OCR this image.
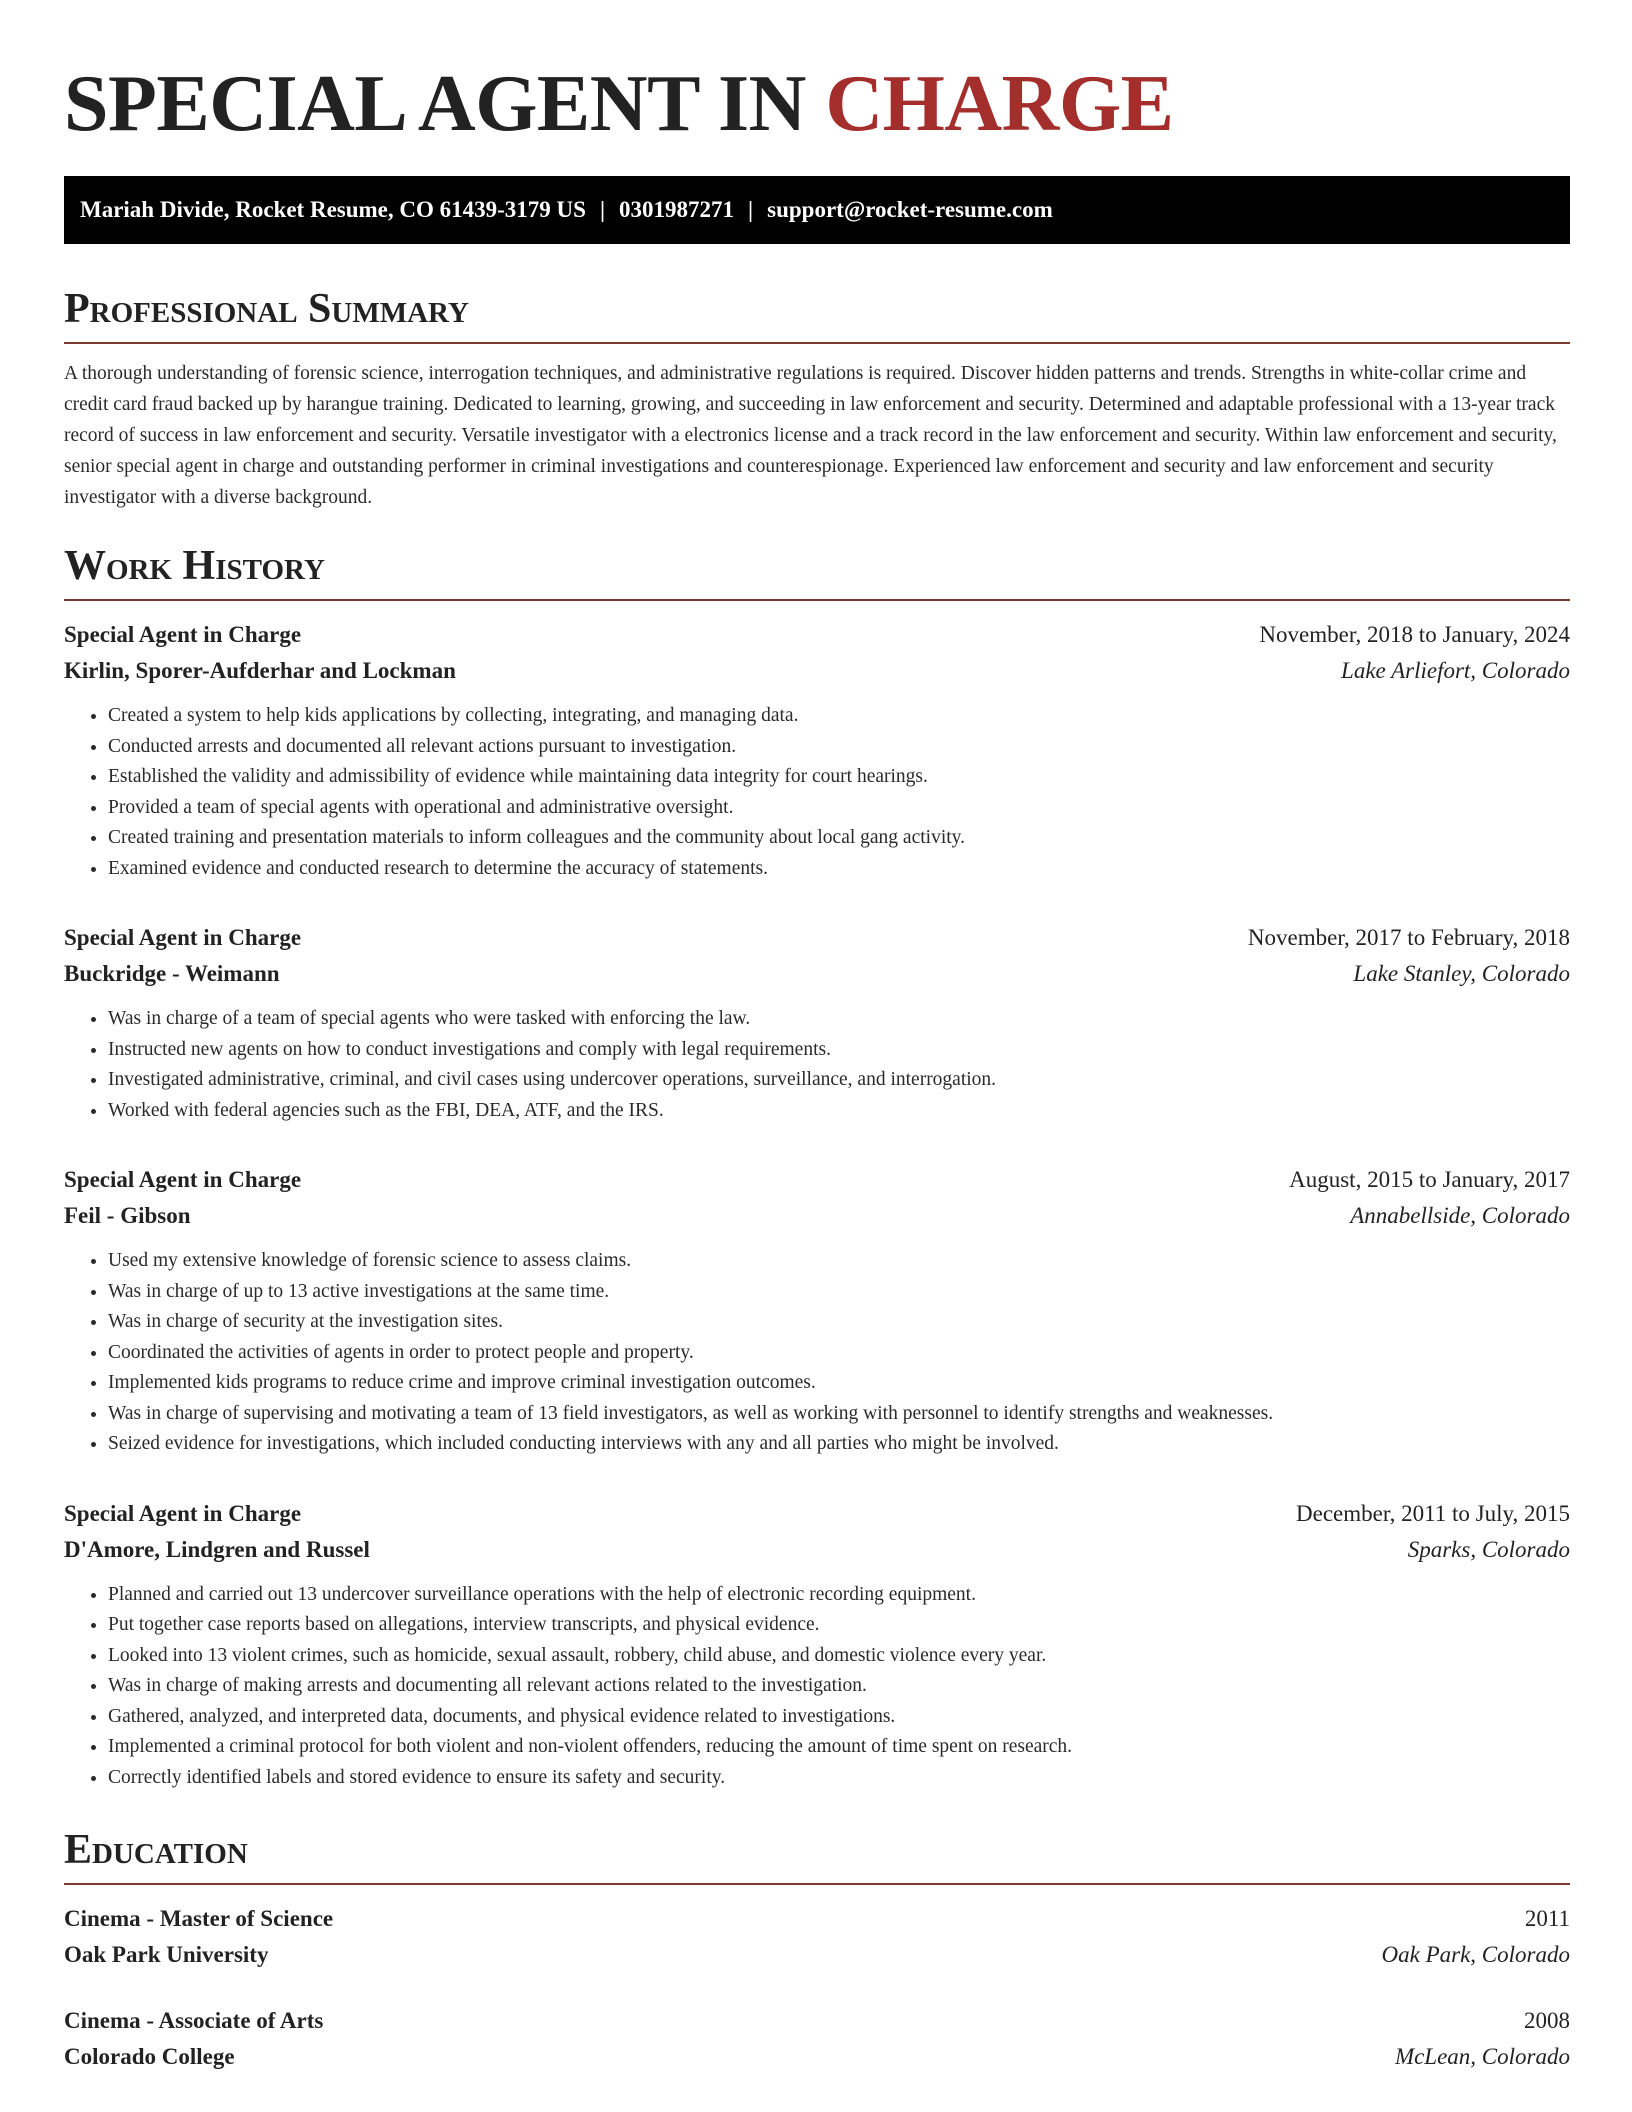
SPECIAL AGENT IN CHARGE
Mariah Divide, Rocket Resume, CO 61439-3179 US | 0301987271 | support@rocket-resume.com
Professional Summary

A thorough understanding of forensic science, interrogation techniques, and administrative regulations is required. Discover hidden patterns and trends. Strengths in white-collar crime and credit card fraud backed up by harangue training. Dedicated to learning, growing, and succeeding in law enforcement and security. Determined and adaptable professional with a 13-year track record of success in law enforcement and security. Versatile investigator with a electronics license and a track record in the law enforcement and security. Within law enforcement and security, senior special agent in charge and outstanding performer in criminal investigations and counterespionage. Experienced law enforcement and security and law enforcement and security investigator with a diverse background.

Work History
Special Agent in Charge	November, 2018 to January, 2024
Kirlin, Sporer-Aufderhar and Lockman	Lake Arliefort, Colorado
• Created a system to help kids applications by collecting, integrating, and managing data.
• Conducted arrests and documented all relevant actions pursuant to investigation.
• Established the validity and admissibility of evidence while maintaining data integrity for court hearings.
• Provided a team of special agents with operational and administrative oversight.
• Created training and presentation materials to inform colleagues and the community about local gang activity.
• Examined evidence and conducted research to determine the accuracy of statements.
Special Agent in Charge	November, 2017 to February, 2018
Buckridge - Weimann	Lake Stanley, Colorado
• Was in charge of a team of special agents who were tasked with enforcing the law.
• Instructed new agents on how to conduct investigations and comply with legal requirements.
• Investigated administrative, criminal, and civil cases using undercover operations, surveillance, and interrogation.
• Worked with federal agencies such as the FBI, DEA, ATF, and the IRS.
Special Agent in Charge	August, 2015 to January, 2017
Feil - Gibson	Annabellside, Colorado
• Used my extensive knowledge of forensic science to assess claims.
• Was in charge of up to 13 active investigations at the same time.
• Was in charge of security at the investigation sites.
• Coordinated the activities of agents in order to protect people and property.
• Implemented kids programs to reduce crime and improve criminal investigation outcomes.
• Was in charge of supervising and motivating a team of 13 field investigators, as well as working with personnel to identify strengths and weaknesses.
• Seized evidence for investigations, which included conducting interviews with any and all parties who might be involved.
Special Agent in Charge	December, 2011 to July, 2015
D'Amore, Lindgren and Russel	Sparks, Colorado
• Planned and carried out 13 undercover surveillance operations with the help of electronic recording equipment.
• Put together case reports based on allegations, interview transcripts, and physical evidence.
• Looked into 13 violent crimes, such as homicide, sexual assault, robbery, child abuse, and domestic violence every year.
• Was in charge of making arrests and documenting all relevant actions related to the investigation.
• Gathered, analyzed, and interpreted data, documents, and physical evidence related to investigations.
• Implemented a criminal protocol for both violent and non-violent offenders, reducing the amount of time spent on research.
• Correctly identified labels and stored evidence to ensure its safety and security.
Education
Cinema - Master of Science	2011
Oak Park University	Oak Park, Colorado
Cinema - Associate of Arts	2008
Colorado College	McLean, Colorado
